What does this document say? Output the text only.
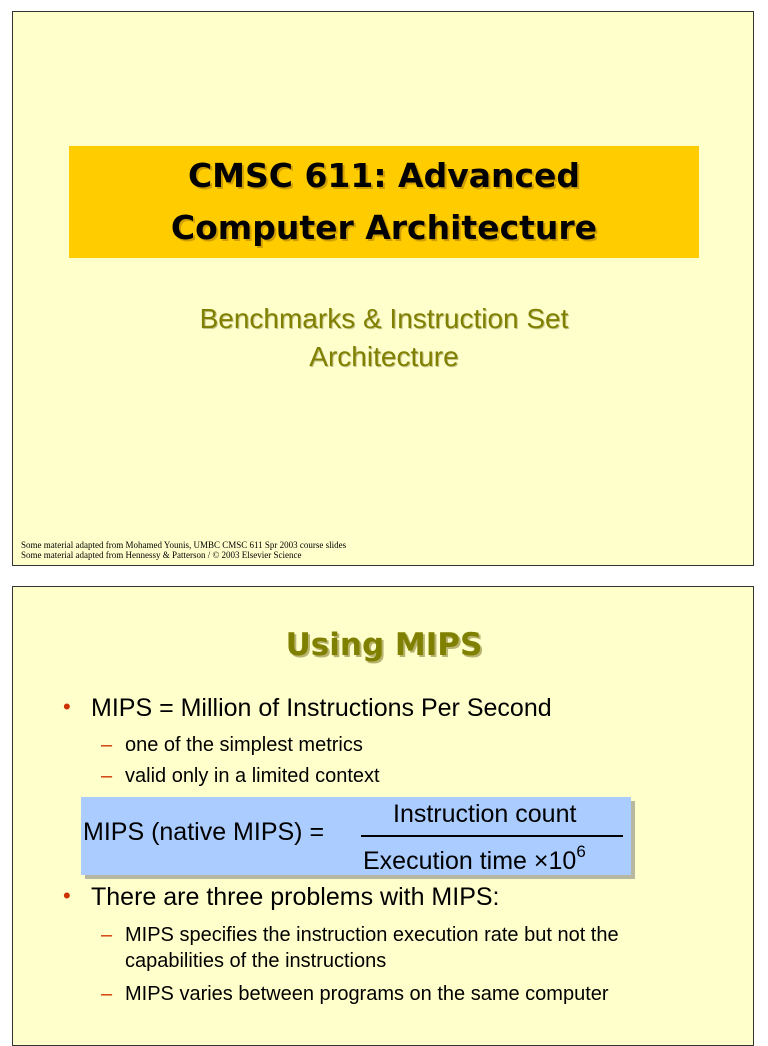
CMSC 611: Advanced
Computer Architecture
Benchmarks & Instruction Set
Architecture
Some material adapted from Mohamed Younis, UMBC CMSC 611 Spr 2003 course slides
Some material adapted from Hennessy & Patterson / © 2003 Elsevier Science
Using MIPS
• MIPS = Million of Instructions Per Second
– one of the simplest metrics
– valid only in a limited context
MIPS (native MIPS) =
Instruction count
Execution time $\times 10^6$
• There are three problems with MIPS:
– MIPS specifies the instruction execution rate but not the capabilities of the instructions
– MIPS varies between programs on the same computer
